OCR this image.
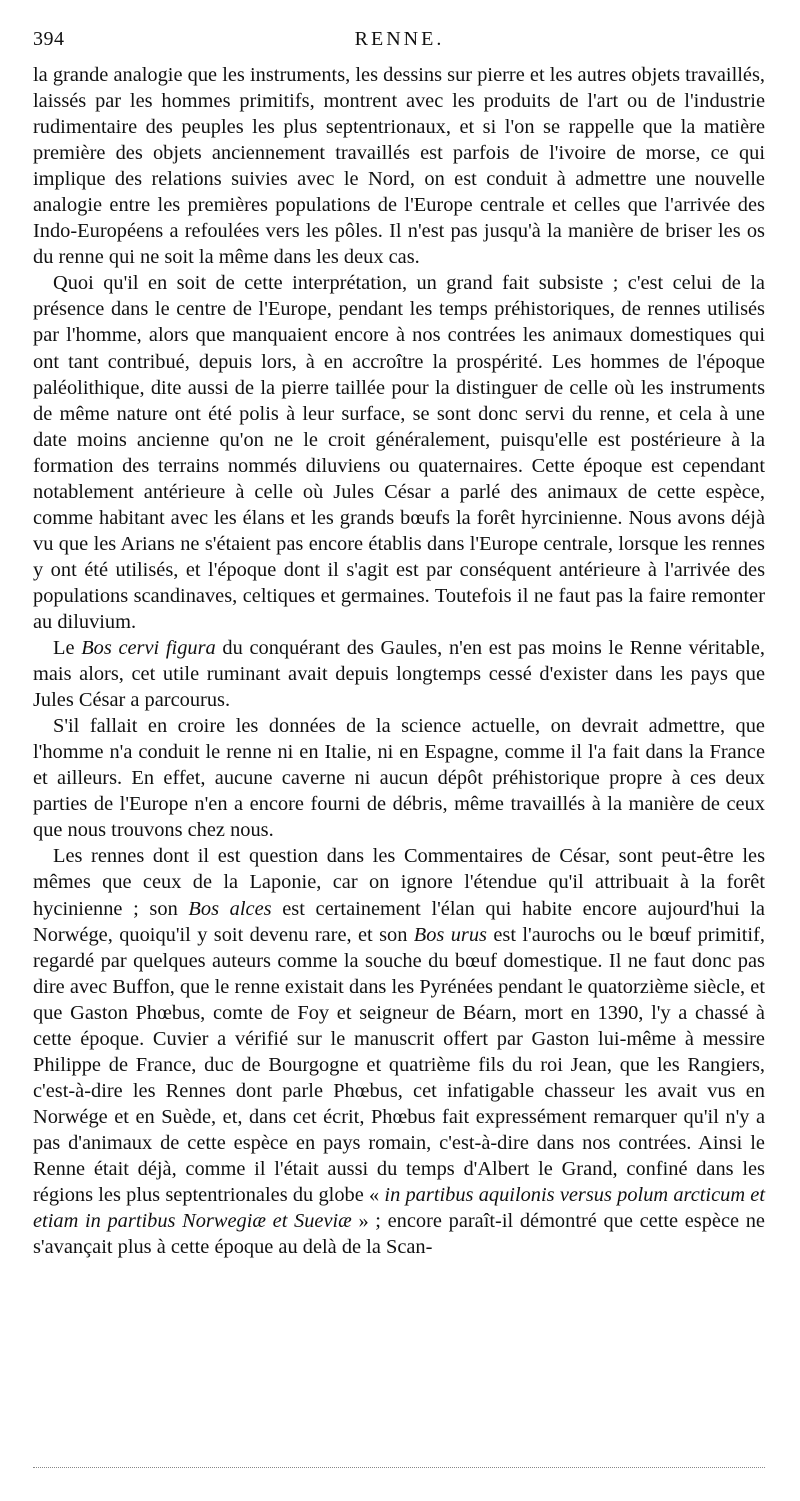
394	RENNE.

la grande analogie que les instruments, les dessins sur pierre et les autres objets travaillés, laissés par les hommes primitifs, montrent avec les produits de l'art ou de l'industrie rudimentaire des peuples les plus septentrionaux, et si l'on se rappelle que la matière première des objets anciennement travaillés est parfois de l'ivoire de morse, ce qui implique des relations suivies avec le Nord, on est conduit à admettre une nouvelle analogie entre les premières populations de l'Europe centrale et celles que l'arrivée des Indo-Européens a refoulées vers les pôles. Il n'est pas jusqu'à la manière de briser les os du renne qui ne soit la même dans les deux cas.

Quoi qu'il en soit de cette interprétation, un grand fait subsiste ; c'est celui de la présence dans le centre de l'Europe, pendant les temps préhistoriques, de rennes utilisés par l'homme, alors que manquaient encore à nos contrées les animaux domestiques qui ont tant contribué, depuis lors, à en accroître la prospérité. Les hommes de l'époque paléolithique, dite aussi de la pierre taillée pour la distinguer de celle où les instruments de même nature ont été polis à leur surface, se sont donc servi du renne, et cela à une date moins ancienne qu'on ne le croit généralement, puisqu'elle est postérieure à la formation des terrains nommés diluviens ou quaternaires. Cette époque est cependant notablement antérieure à celle où Jules César a parlé des animaux de cette espèce, comme habitant avec les élans et les grands bœufs la forêt hyrcinienne. Nous avons déjà vu que les Arians ne s'étaient pas encore établis dans l'Europe centrale, lorsque les rennes y ont été utilisés, et l'époque dont il s'agit est par conséquent antérieure à l'arrivée des populations scandinaves, celtiques et germaines. Toutefois il ne faut pas la faire remonter au diluvium.

Le Bos cervi figura du conquérant des Gaules, n'en est pas moins le Renne véritable, mais alors, cet utile ruminant avait depuis longtemps cessé d'exister dans les pays que Jules César a parcourus.

S'il fallait en croire les données de la science actuelle, on devrait admettre, que l'homme n'a conduit le renne ni en Italie, ni en Espagne, comme il l'a fait dans la France et ailleurs. En effet, aucune caverne ni aucun dépôt préhistorique propre à ces deux parties de l'Europe n'en a encore fourni de débris, même travaillés à la manière de ceux que nous trouvons chez nous.

Les rennes dont il est question dans les Commentaires de César, sont peut-être les mêmes que ceux de la Laponie, car on ignore l'étendue qu'il attribuait à la forêt hycinienne ; son Bos alces est certainement l'élan qui habite encore aujourd'hui la Norwége, quoiqu'il y soit devenu rare, et son Bos urus est l'aurochs ou le bœuf primitif, regardé par quelques auteurs comme la souche du bœuf domestique. Il ne faut donc pas dire avec Buffon, que le renne existait dans les Pyrénées pendant le quatorzième siècle, et que Gaston Phœbus, comte de Foy et seigneur de Béarn, mort en 1390, l'y a chassé à cette époque. Cuvier a vérifié sur le manuscrit offert par Gaston lui-même à messire Philippe de France, duc de Bourgogne et quatrième fils du roi Jean, que les Rangiers, c'est-à-dire les Rennes dont parle Phœbus, cet infatigable chasseur les avait vus en Norwége et en Suède, et, dans cet écrit, Phœbus fait expressément remarquer qu'il n'y a pas d'animaux de cette espèce en pays romain, c'est-à-dire dans nos contrées. Ainsi le Renne était déjà, comme il l'était aussi du temps d'Albert le Grand, confiné dans les régions les plus septentrionales du globe « in partibus aquilonis versus polum arcticum et etiam in partibus Norwegiæ et Sueviæ » ; encore paraît-il démontré que cette espèce ne s'avançait plus à cette époque au delà de la Scan-
